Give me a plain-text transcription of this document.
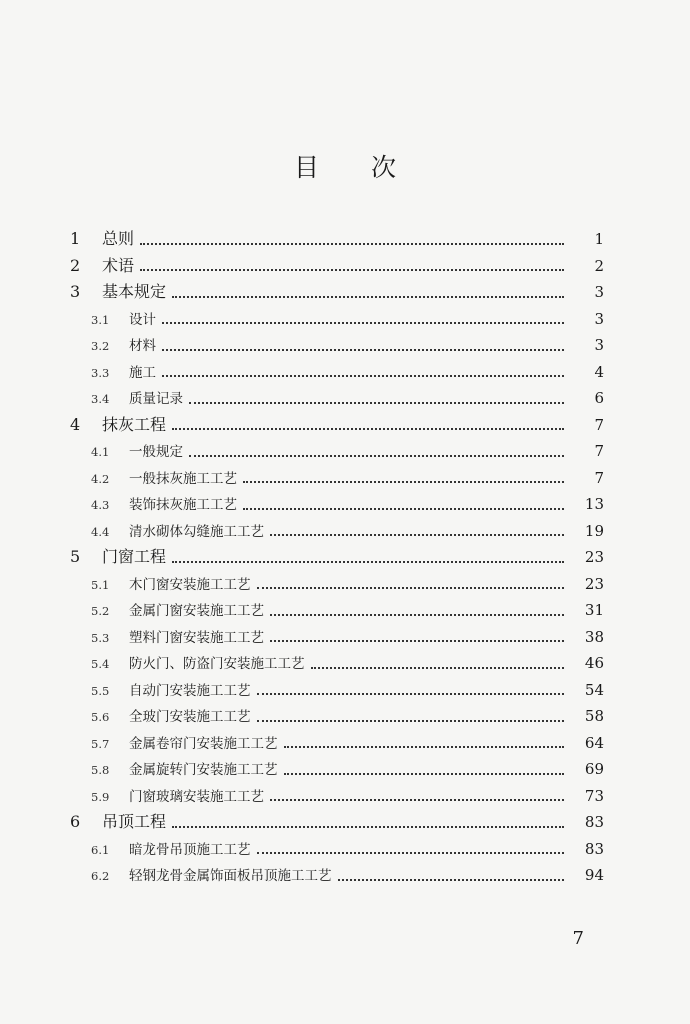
目 次
1	总则	1
2	术语	2
3	基本规定	3
3.1	设计	3
3.2	材料	3
3.3	施工	4
3.4	质量记录	6
4	抹灰工程	7
4.1	一般规定	7
4.2	一般抹灰施工工艺	7
4.3	装饰抹灰施工工艺	13
4.4	清水砌体勾缝施工工艺	19
5	门窗工程	23
5.1	木门窗安装施工工艺	23
5.2	金属门窗安装施工工艺	31
5.3	塑料门窗安装施工工艺	38
5.4	防火门、防盗门安装施工工艺	46
5.5	自动门安装施工工艺	54
5.6	全玻门安装施工工艺	58
5.7	金属卷帘门安装施工工艺	64
5.8	金属旋转门安装施工工艺	69
5.9	门窗玻璃安装施工工艺	73
6	吊顶工程	83
6.1	暗龙骨吊顶施工工艺	83
6.2	轻钢龙骨金属饰面板吊顶施工工艺	94
7
